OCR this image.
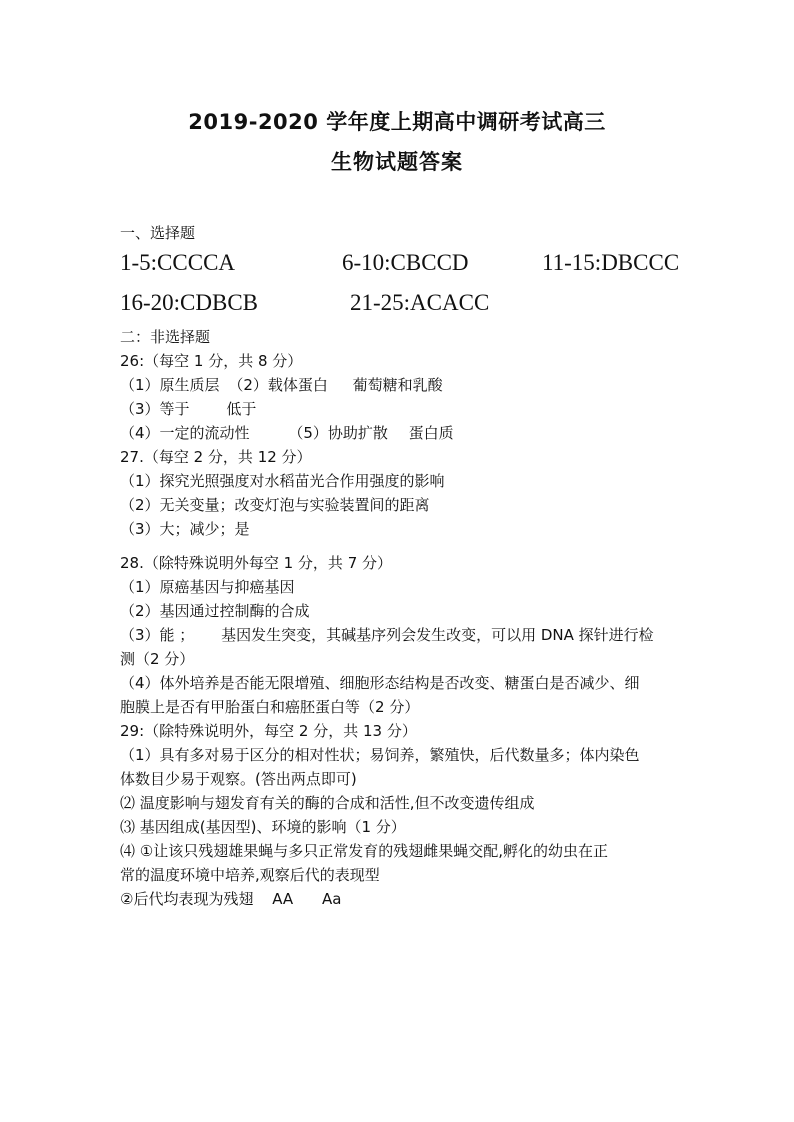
2019-2020 学年度上期高中调研考试高三
生物试题答案
一、选择题
1-5:CCCCA	6-10:CBCCD	11-15:DBCCC
16-20:CDBCB	21-25:ACACC
二：非选择题
26:（每空 1 分，共 8 分）
（1）原生质层 （2）载体蛋白 葡萄糖和乳酸
（3）等于 低于
（4）一定的流动性	（5）协助扩散 蛋白质
27.（每空 2 分，共 12 分）
（1）探究光照强度对水稻苗光合作用强度的影响
（2）无关变量；改变灯泡与实验装置间的距离
（3）大；减少；是
28.（除特殊说明外每空 1 分，共 7 分）
（1）原癌基因与抑癌基因
（2）基因通过控制酶的合成
（3）能 ； 基因发生突变，其碱基序列会发生改变，可以用 DNA 探针进行检
测（2 分）
（4）体外培养是否能无限增殖、细胞形态结构是否改变、糖蛋白是否减少、细
胞膜上是否有甲胎蛋白和癌胚蛋白等（2 分）
29:（除特殊说明外，每空 2 分，共 13 分）
（1）具有多对易于区分的相对性状；易饲养，繁殖快，后代数量多；体内染色
体数目少易于观察。(答出两点即可)
⑵ 温度影响与翅发育有关的酶的合成和活性,但不改变遗传组成
⑶ 基因组成(基因型)、环境的影响（1 分）
⑷ ①让该只残翅雄果蝇与多只正常发育的残翅雌果蝇交配,孵化的幼虫在正
常的温度环境中培养,观察后代的表现型
②后代均表现为残翅 AA Aa
